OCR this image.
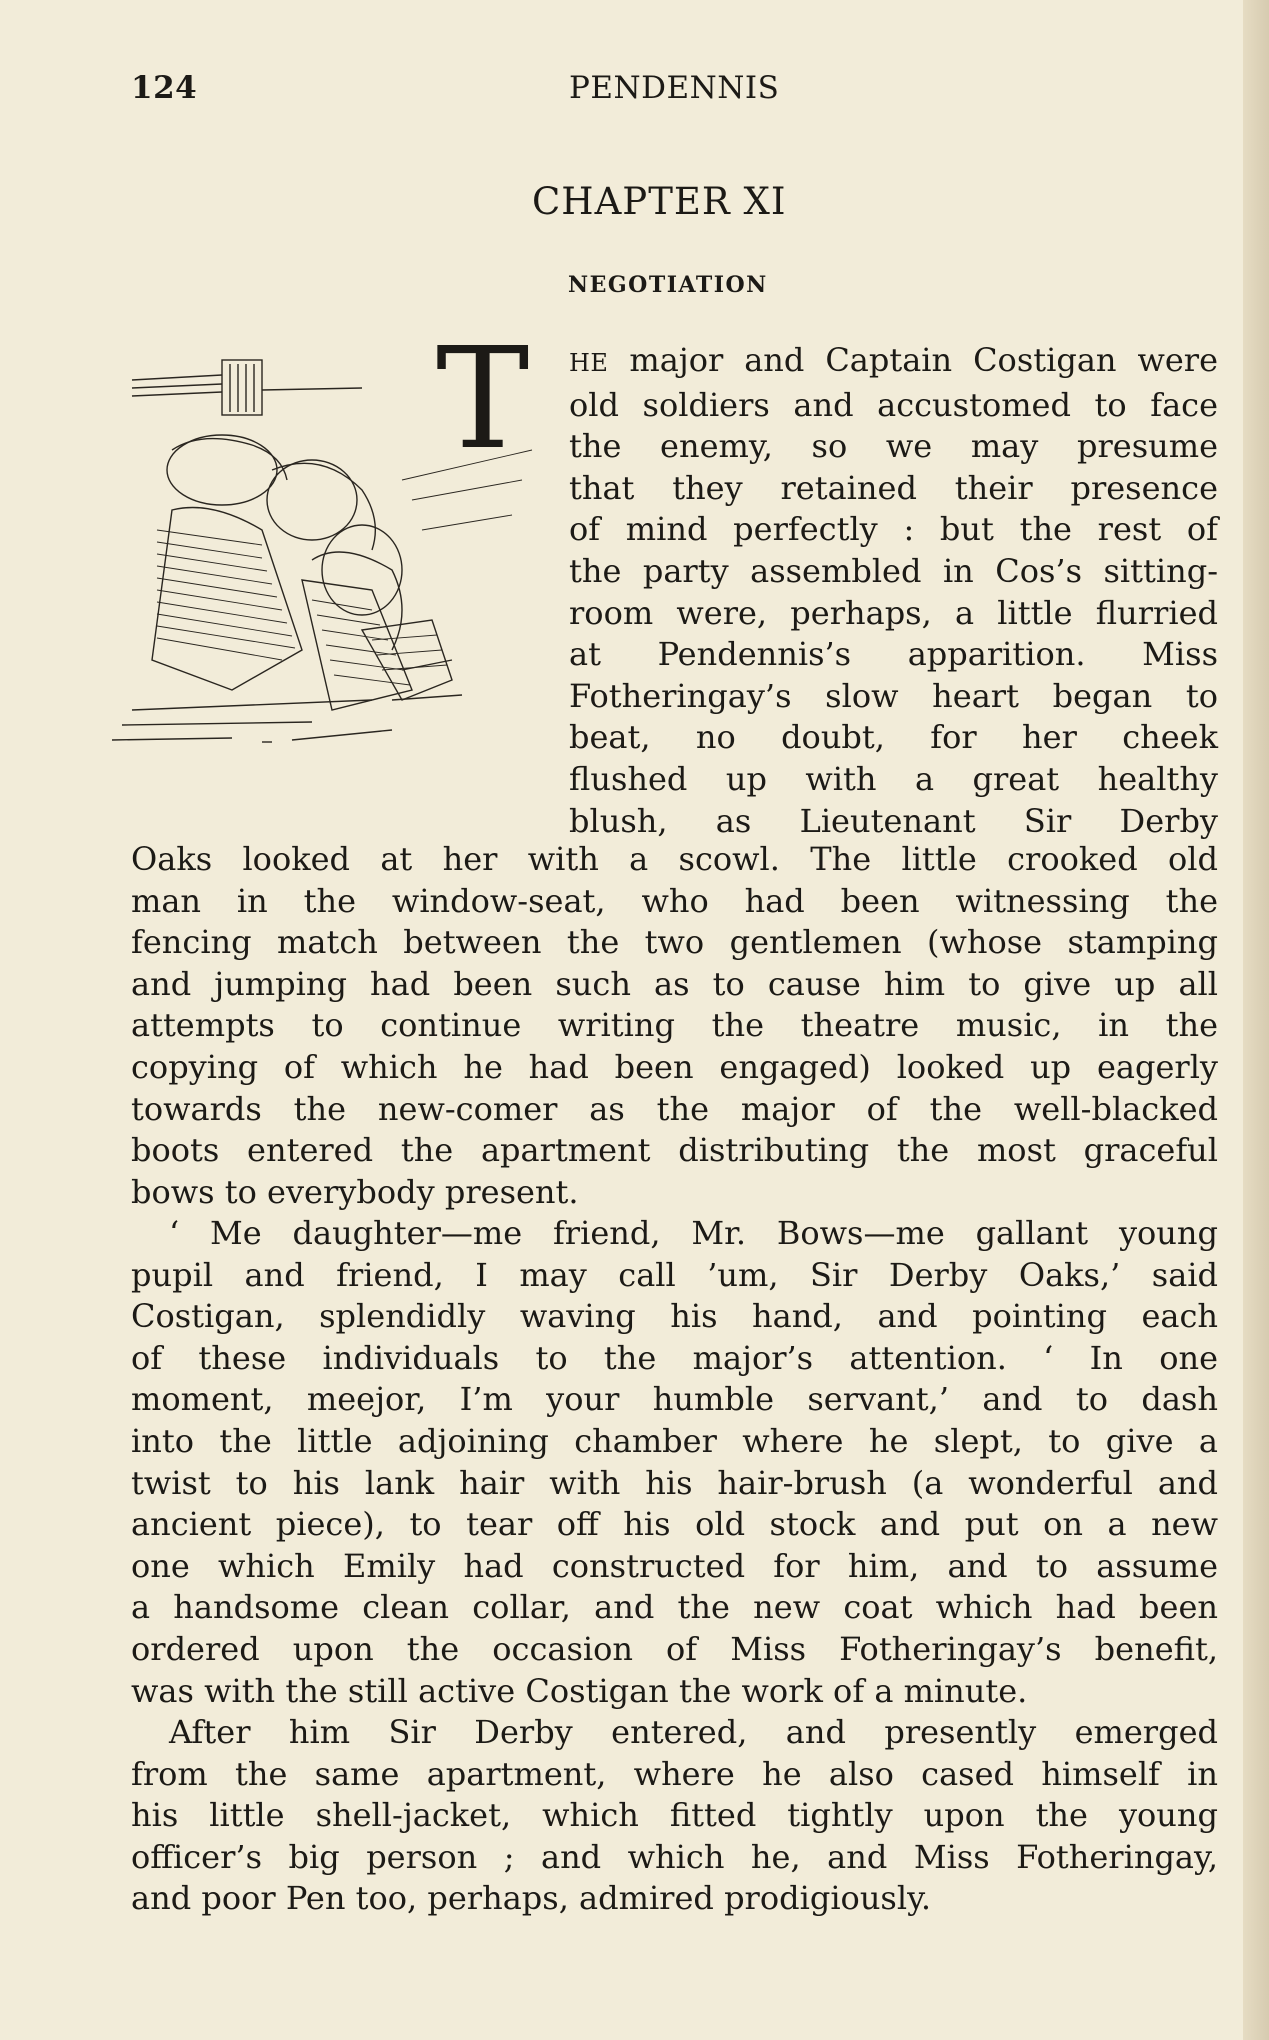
124	PENDENNIS
CHAPTER XI
NEGOTIATION
T HE major and Captain Costigan were
old soldiers and accustomed to face
the enemy, so we may presume
that they retained their presence
of mind perfectly : but the rest of
the party assembled in Cos’s sitting-
room were, perhaps, a little flurried
at Pendennis’s apparition. Miss
Fotheringay’s slow heart began to
beat, no doubt, for her cheek
flushed up with a great healthy
blush, as Lieutenant Sir Derby
Oaks looked at her with a scowl. The little crooked old
man in the window-seat, who had been witnessing the
fencing match between the two gentlemen (whose stamping
and jumping had been such as to cause him to give up all
attempts to continue writing the theatre music, in the
copying of which he had been engaged) looked up eagerly
towards the new-comer as the major of the well-blacked
boots entered the apartment distributing the most graceful
bows to everybody present.
‘ Me daughter—me friend, Mr. Bows—me gallant young
pupil and friend, I may call ’um, Sir Derby Oaks,’ said
Costigan, splendidly waving his hand, and pointing each
of these individuals to the major’s attention. ‘ In one
moment, meejor, I’m your humble servant,’ and to dash
into the little adjoining chamber where he slept, to give a
twist to his lank hair with his hair-brush (a wonderful and
ancient piece), to tear off his old stock and put on a new
one which Emily had constructed for him, and to assume
a handsome clean collar, and the new coat which had been
ordered upon the occasion of Miss Fotheringay’s benefit,
was with the still active Costigan the work of a minute.
After him Sir Derby entered, and presently emerged
from the same apartment, where he also cased himself in
his little shell-jacket, which fitted tightly upon the young
officer’s big person ; and which he, and Miss Fotheringay,
and poor Pen too, perhaps, admired prodigiously.
